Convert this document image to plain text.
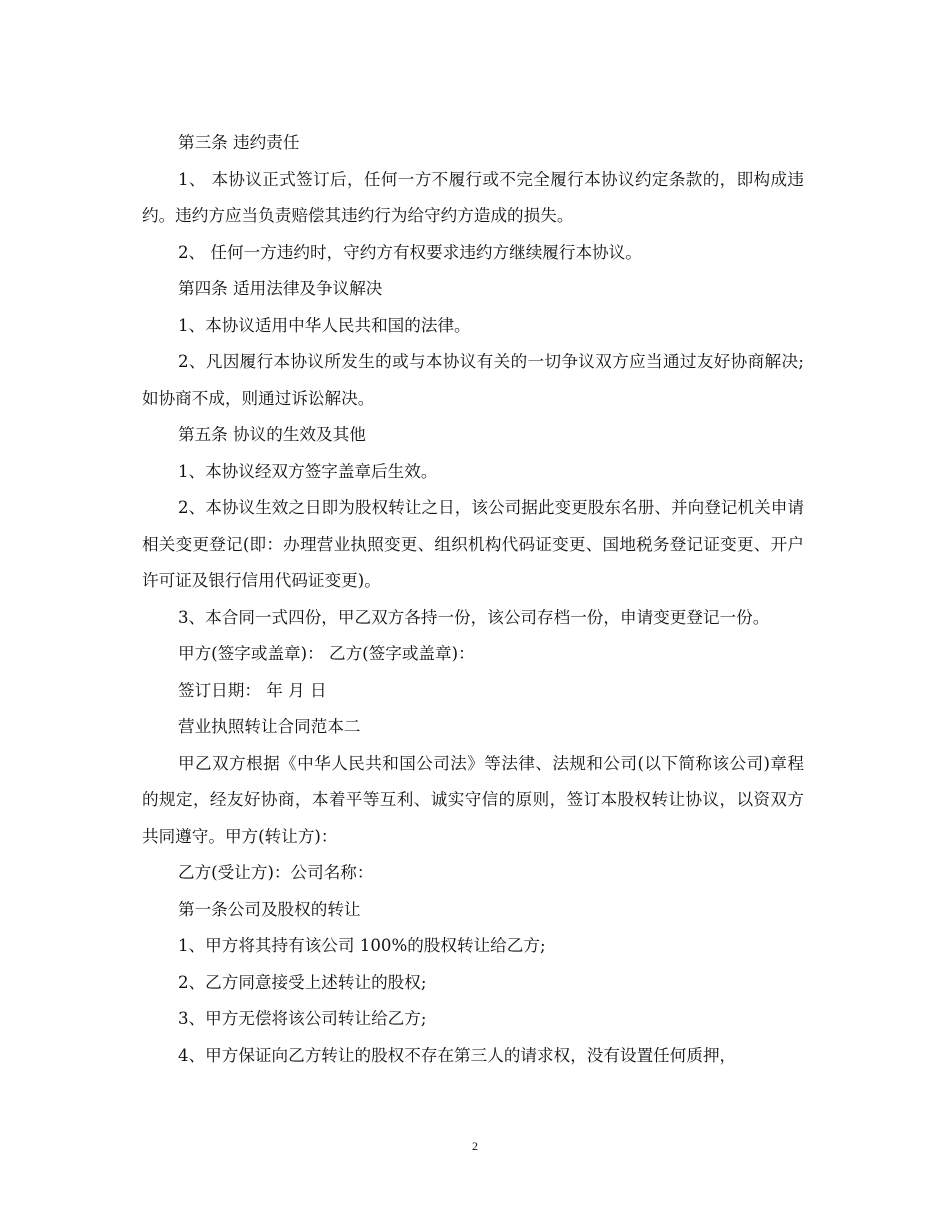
第三条 违约责任

1、 本协议正式签订后，任何一方不履行或不完全履行本协议约定条款的，即构成违约。违约方应当负责赔偿其违约行为给守约方造成的损失。

2、 任何一方违约时，守约方有权要求违约方继续履行本协议。

第四条 适用法律及争议解决

1、本协议适用中华人民共和国的法律。

2、凡因履行本协议所发生的或与本协议有关的一切争议双方应当通过友好协商解决;如协商不成，则通过诉讼解决。

第五条 协议的生效及其他

1、本协议经双方签字盖章后生效。

2、本协议生效之日即为股权转让之日，该公司据此变更股东名册、并向登记机关申请相关变更登记(即：办理营业执照变更、组织机构代码证变更、国地税务登记证变更、开户许可证及银行信用代码证变更)。

3、本合同一式四份，甲乙双方各持一份，该公司存档一份，申请变更登记一份。

甲方(签字或盖章)： 乙方(签字或盖章)：

签订日期： 年 月 日

营业执照转让合同范本二

甲乙双方根据《中华人民共和国公司法》等法律、法规和公司(以下简称该公司)章程的规定，经友好协商，本着平等互利、诚实守信的原则，签订本股权转让协议，以资双方共同遵守。甲方(转让方)：

乙方(受让方)：公司名称：

第一条公司及股权的转让

1、甲方将其持有该公司 100%的股权转让给乙方;

2、乙方同意接受上述转让的股权;

3、甲方无偿将该公司转让给乙方;

4、甲方保证向乙方转让的股权不存在第三人的请求权，没有设置任何质押，

2
